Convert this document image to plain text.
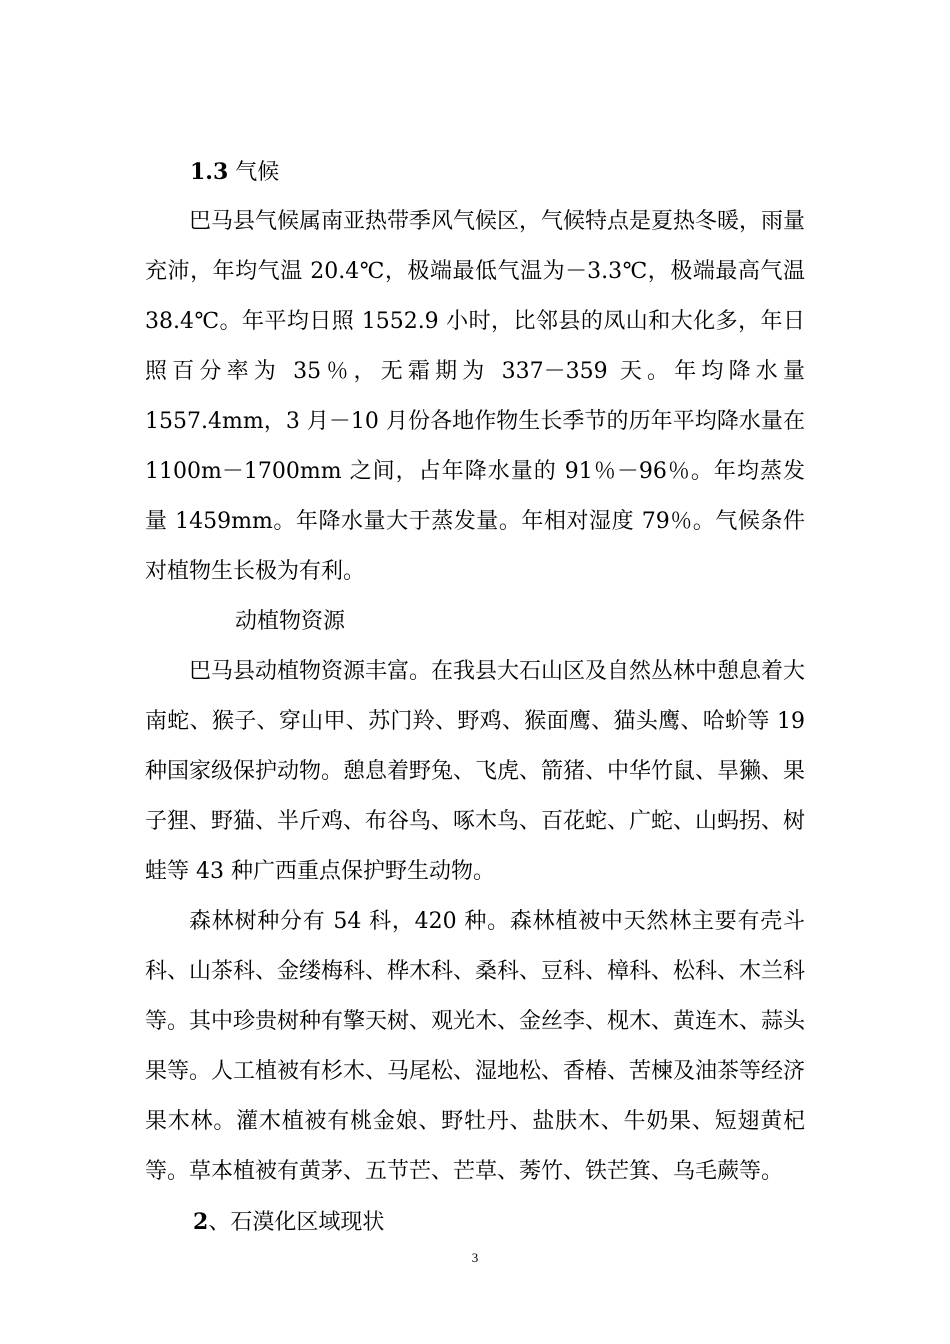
1.3 气候

巴马县气候属南亚热带季风气候区，气候特点是夏热冬暖，雨量充沛，年均气温 20.4℃，极端最低气温为－3.3℃，极端最高气温38.4℃。年平均日照 1552.9 小时，比邻县的凤山和大化多，年日照百分率为 35％，无霜期为 337－359 天。年均降水量 1557.4mm，3 月－10 月份各地作物生长季节的历年平均降水量在 1100m－1700mm 之间，占年降水量的 91％－96％。年均蒸发量 1459mm。年降水量大于蒸发量。年相对湿度 79％。气候条件对植物生长极为有利。

动植物资源

巴马县动植物资源丰富。在我县大石山区及自然丛林中憩息着大南蛇、猴子、穿山甲、苏门羚、野鸡、猴面鹰、猫头鹰、哈蚧等 19 种国家级保护动物。憩息着野兔、飞虎、箭猪、中华竹鼠、旱獭、果子狸、野猫、半斤鸡、布谷鸟、啄木鸟、百花蛇、广蛇、山蚂拐、树蛙等 43 种广西重点保护野生动物。

森林树种分有 54 科，420 种。森林植被中天然林主要有壳斗科、山茶科、金缕梅科、桦木科、桑科、豆科、樟科、松科、木兰科等。其中珍贵树种有擎天树、观光木、金丝李、枧木、黄连木、蒜头果等。人工植被有杉木、马尾松、湿地松、香椿、苦楝及油茶等经济果木林。灌木植被有桃金娘、野牡丹、盐肤木、牛奶果、短翅黄杞等。草本植被有黄茅、五节芒、芒草、莠竹、铁芒箕、乌毛蕨等。

2、石漠化区域现状
3
